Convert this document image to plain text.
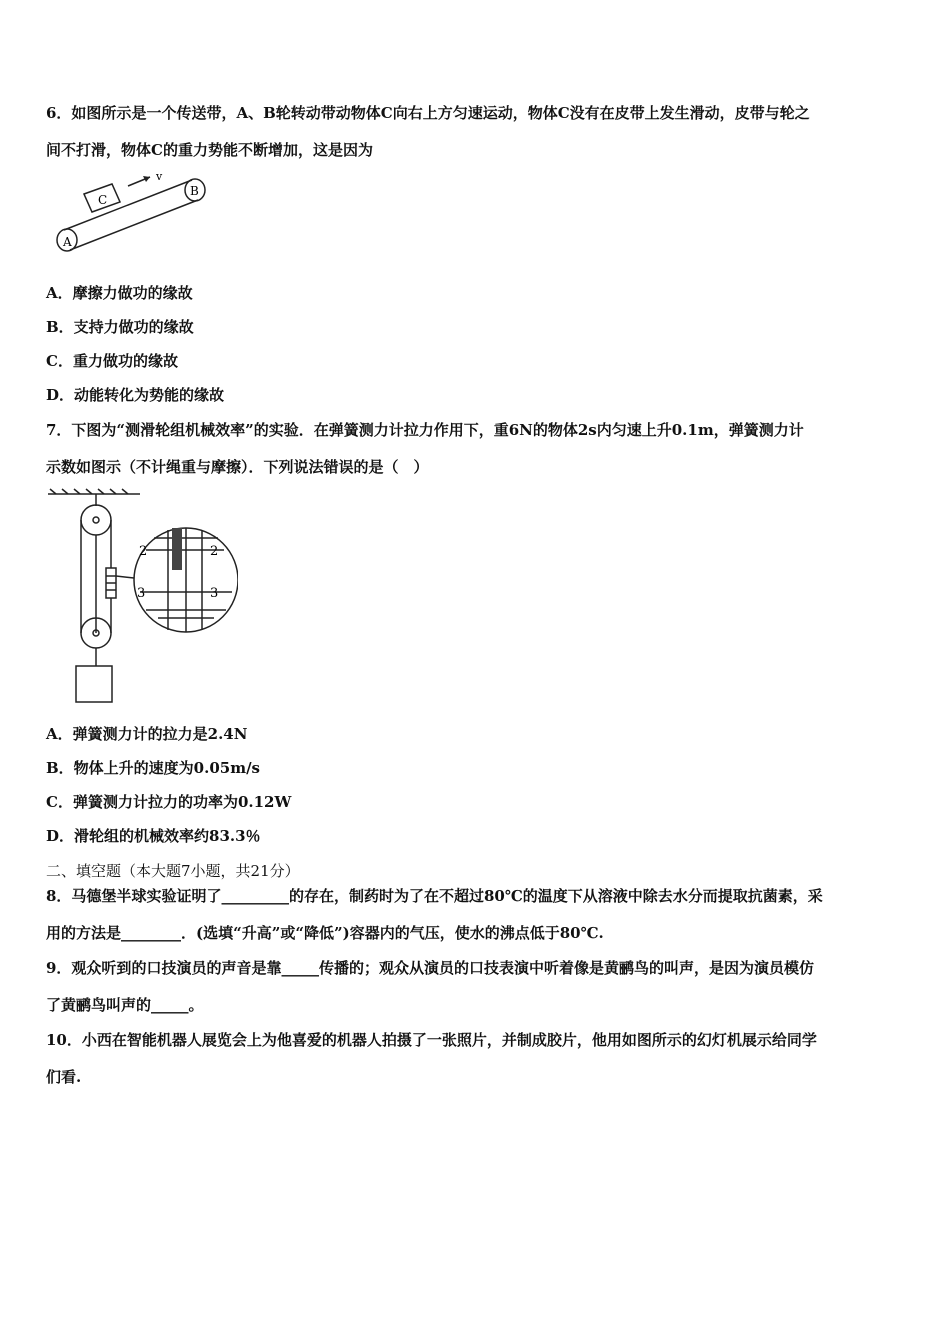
6．如图所示是一个传送带，A、B轮转动带动物体C向右上方匀速运动，物体C没有在皮带上发生滑动，皮带与轮之
间不打滑，物体C的重力势能不断增加，这是因为
A
B
C
v
A．摩擦力做功的缘故
B．支持力做功的缘故
C．重力做功的缘故
D．动能转化为势能的缘故
7．下图为“测滑轮组机械效率”的实验．在弹簧测力计拉力作用下，重6N的物体2s内匀速上升0.1m，弹簧测力计
示数如图示（不计绳重与摩擦）．下列说法错误的是（　）
2	2
3	3
A．弹簧测力计的拉力是2.4N
B．物体上升的速度为0.05m/s
C．弹簧测力计拉力的功率为0.12W
D．滑轮组的机械效率约83.3％
二、填空题（本大题7小题，共21分）
8．马德堡半球实验证明了_________的存在，制药时为了在不超过80℃的温度下从溶液中除去水分而提取抗菌素，采
用的方法是________．(选填“升高”或“降低”)容器内的气压，使水的沸点低于80℃.
9．观众听到的口技演员的声音是靠_____传播的；观众从演员的口技表演中听着像是黄鹂鸟的叫声，是因为演员模仿
了黄鹂鸟叫声的_____。
10．小西在智能机器人展览会上为他喜爱的机器人拍摄了一张照片，并制成胶片，他用如图所示的幻灯机展示给同学
们看.
